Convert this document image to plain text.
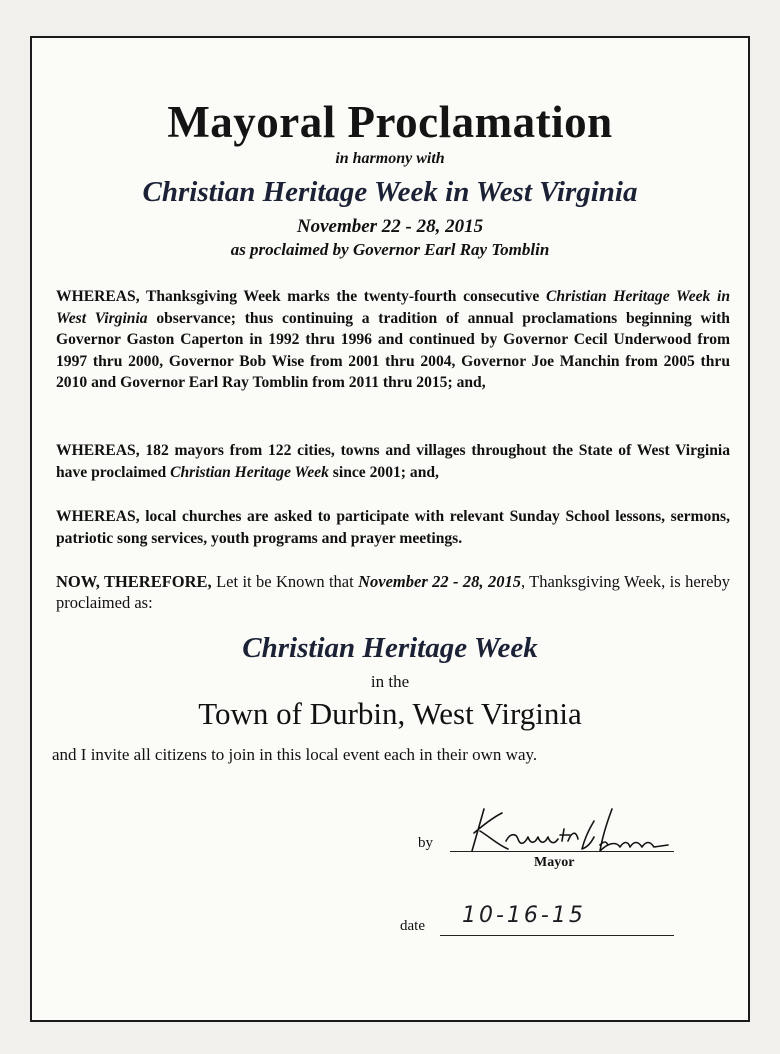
Mayoral Proclamation
in harmony with
Christian Heritage Week in West Virginia
November 22 - 28, 2015
as proclaimed by Governor Earl Ray Tomblin
WHEREAS, Thanksgiving Week marks the twenty-fourth consecutive Christian Heritage Week in West Virginia observance; thus continuing a tradition of annual proclamations beginning with Governor Gaston Caperton in 1992 thru 1996 and continued by Governor Cecil Underwood from 1997 thru 2000, Governor Bob Wise from 2001 thru 2004, Governor Joe Manchin from 2005 thru 2010 and Governor Earl Ray Tomblin from 2011 thru 2015; and,
WHEREAS, 182 mayors from 122 cities, towns and villages throughout the State of West Virginia have proclaimed Christian Heritage Week since 2001; and,
WHEREAS, local churches are asked to participate with relevant Sunday School lessons, sermons, patriotic song services, youth programs and prayer meetings.
NOW, THEREFORE, Let it be Known that November 22 - 28, 2015, Thanksgiving Week, is hereby proclaimed as:
Christian Heritage Week
in the
Town of Durbin, West Virginia
and I invite all citizens to join in this local event each in their own way.
by
Mayor
date 10-16-15
